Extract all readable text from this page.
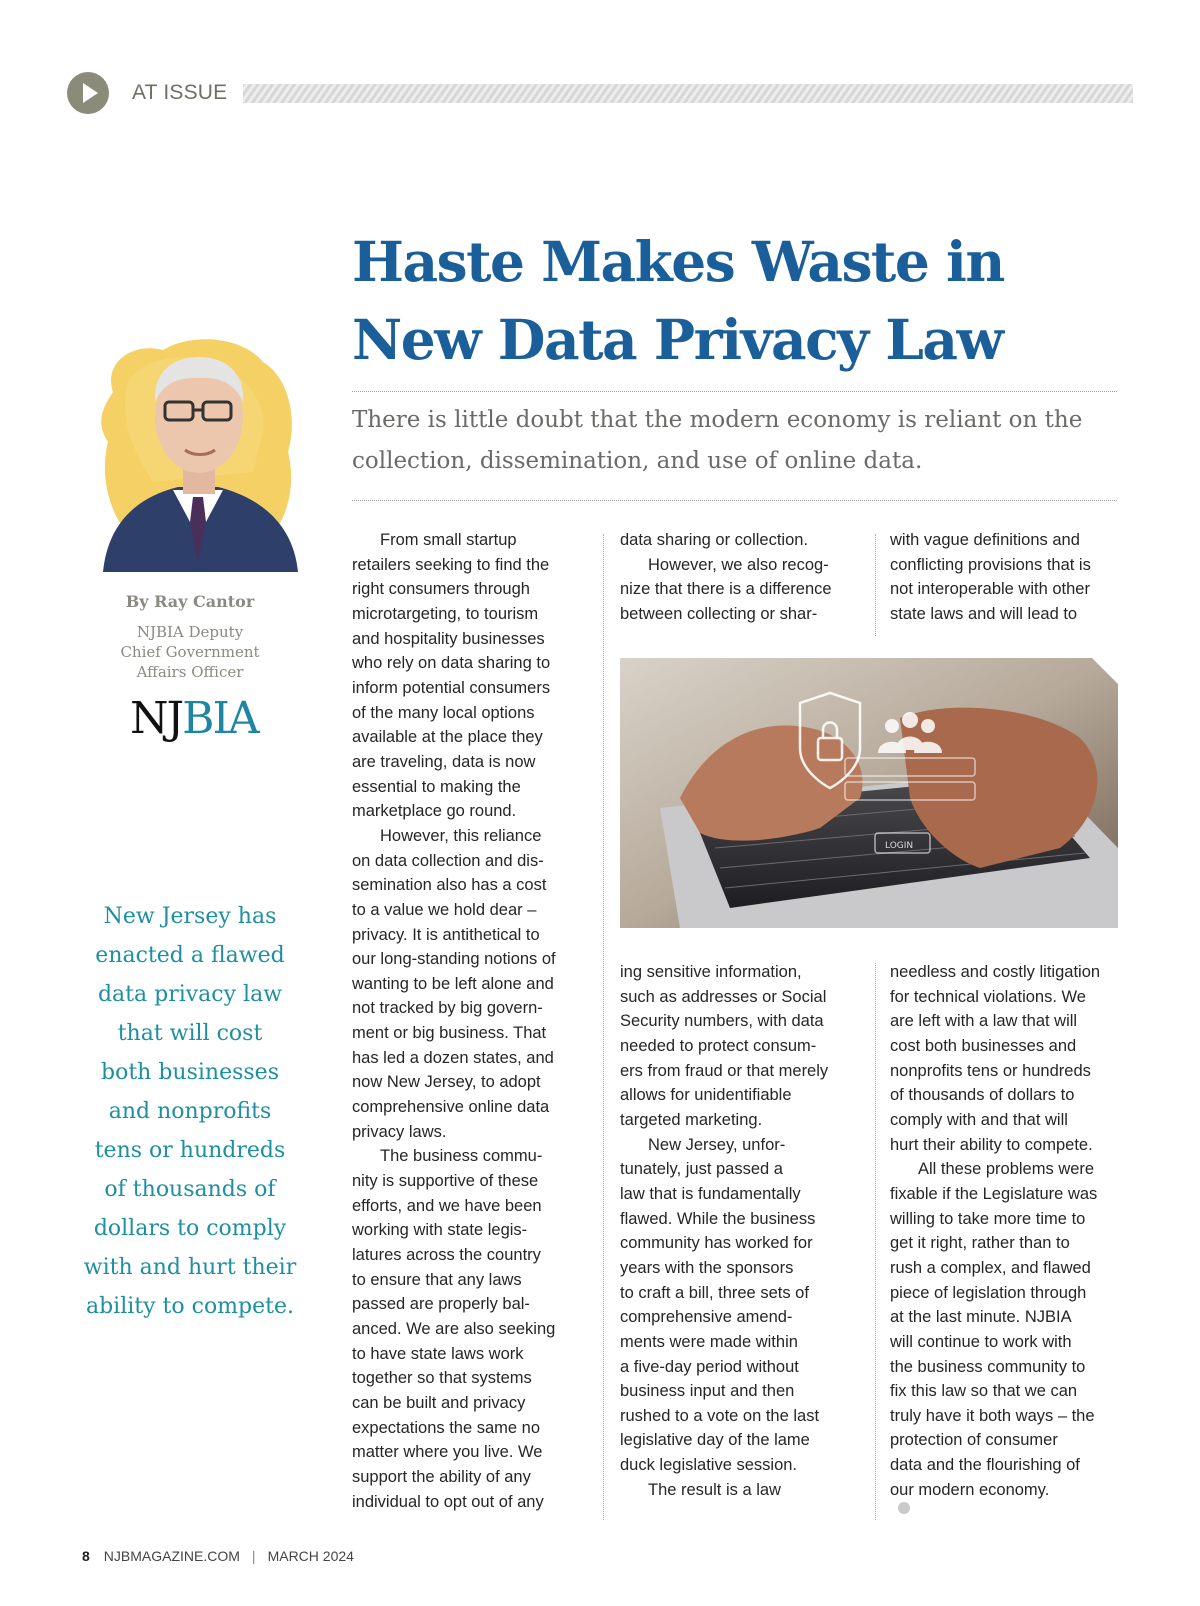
AT ISSUE
By Ray Cantor
NJBIA Deputy
Chief Government
Affairs Officer
NJBIA
New Jersey has
enacted a flawed
data privacy law
that will cost
both businesses
and nonprofits
tens or hundreds
of thousands of
dollars to comply
with and hurt their
ability to compete.
Haste Makes Waste in
New Data Privacy Law
There is little doubt that the modern economy is reliant on the
collection, dissemination, and use of online data.
From small startup
retailers seeking to find the
right consumers through
microtargeting, to tourism
and hospitality businesses
who rely on data sharing to
inform potential consumers
of the many local options
available at the place they
are traveling, data is now
essential to making the
marketplace go round.
However, this reliance
on data collection and dis-
semination also has a cost
to a value we hold dear –
privacy. It is antithetical to
our long-standing notions of
wanting to be left alone and
not tracked by big govern-
ment or big business. That
has led a dozen states, and
now New Jersey, to adopt
comprehensive online data
privacy laws.
The business commu-
nity is supportive of these
efforts, and we have been
working with state legis-
latures across the country
to ensure that any laws
passed are properly bal-
anced. We are also seeking
to have state laws work
together so that systems
can be built and privacy
expectations the same no
matter where you live. We
support the ability of any
individual to opt out of any
data sharing or collection.
However, we also recog-
nize that there is a difference
between collecting or shar-
with vague definitions and
conflicting provisions that is
not interoperable with other
state laws and will lead to
LOGIN
ing sensitive information,
such as addresses or Social
Security numbers, with data
needed to protect consum-
ers from fraud or that merely
allows for unidentifiable
targeted marketing.
New Jersey, unfor-
tunately, just passed a
law that is fundamentally
flawed. While the business
community has worked for
years with the sponsors
to craft a bill, three sets of
comprehensive amend-
ments were made within
a five-day period without
business input and then
rushed to a vote on the last
legislative day of the lame
duck legislative session.
The result is a law
needless and costly litigation
for technical violations. We
are left with a law that will
cost both businesses and
nonprofits tens or hundreds
of thousands of dollars to
comply with and that will
hurt their ability to compete.
All these problems were
fixable if the Legislature was
willing to take more time to
get it right, rather than to
rush a complex, and flawed
piece of legislation through
at the last minute. NJBIA
will continue to work with
the business community to
fix this law so that we can
truly have it both ways – the
protection of consumer
data and the flourishing of
our modern economy.
8 NJBMAGAZINE.COM | MARCH 2024
